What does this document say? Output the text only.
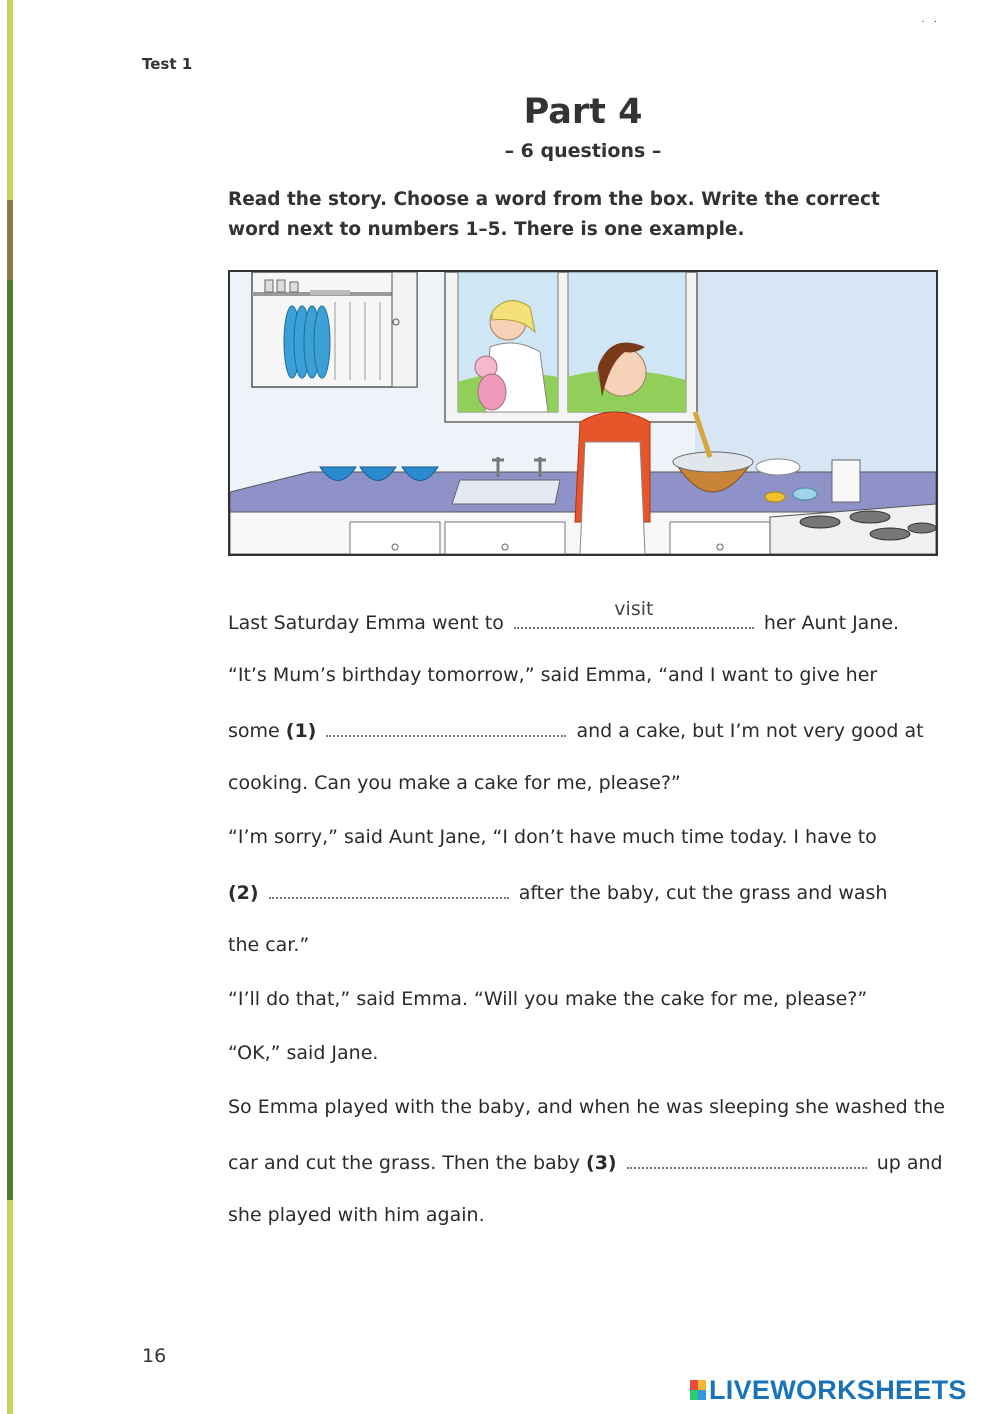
. .
Test 1
Part 4
– 6 questions –
Read the story. Choose a word from the box. Write the correct word next to numbers 1–5. There is one example.
Last Saturday Emma went to
visit
her Aunt Jane.
“It’s Mum’s birthday tomorrow,” said Emma, “and I want to give her
some (1)	and a cake, but I’m not very good at
cooking. Can you make a cake for me, please?”
“I’m sorry,” said Aunt Jane, “I don’t have much time today. I have to
(2)	after the baby, cut the grass and wash
the car.”
“I’ll do that,” said Emma. “Will you make the cake for me, please?”
“OK,” said Jane.
So Emma played with the baby, and when he was sleeping she washed the
car and cut the grass. Then the baby (3)	up and
she played with him again.
16
LIVEWORKSHEETS
